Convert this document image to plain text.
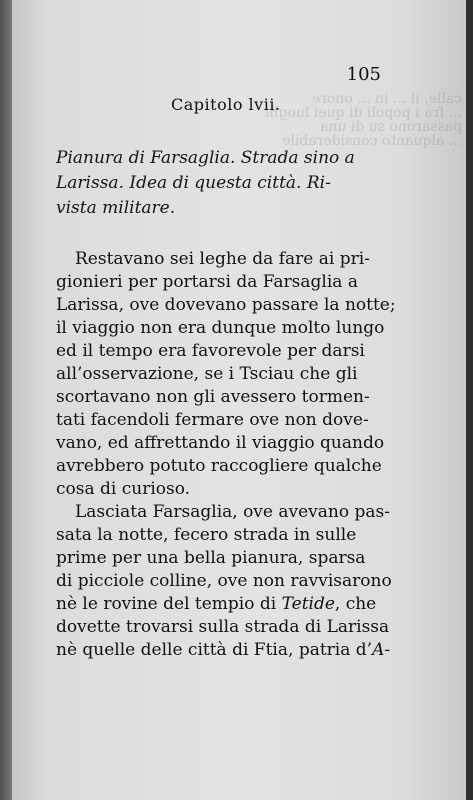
calle, il ... in ... onore
... fra i popoli di quei luoghi
passarono su di una
... alquanto considerabile
105
Capitolo lvii.
Pianura di Farsaglia. Strada sino a
Larissa. Idea di questa città. Ri-
vista militare.
Restavano sei leghe da fare ai pri-
gionieri per portarsi da Farsaglia a
Larissa, ove dovevano passare la notte;
il viaggio non era dunque molto lungo
ed il tempo era favorevole per darsi
all’osservazione, se i Tsciau che gli
scortavano non gli avessero tormen-
tati facendoli fermare ove non dove-
vano, ed affrettando il viaggio quando
avrebbero potuto raccogliere qualche
cosa di curioso.
Lasciata Farsaglia, ove avevano pas-
sata la notte, fecero strada in sulle
prime per una bella pianura, sparsa
di picciole colline, ove non ravvisarono
nè le rovine del tempio di Tetide, che
dovette trovarsi sulla strada di Larissa
nè quelle delle città di Ftia, patria d’A-
